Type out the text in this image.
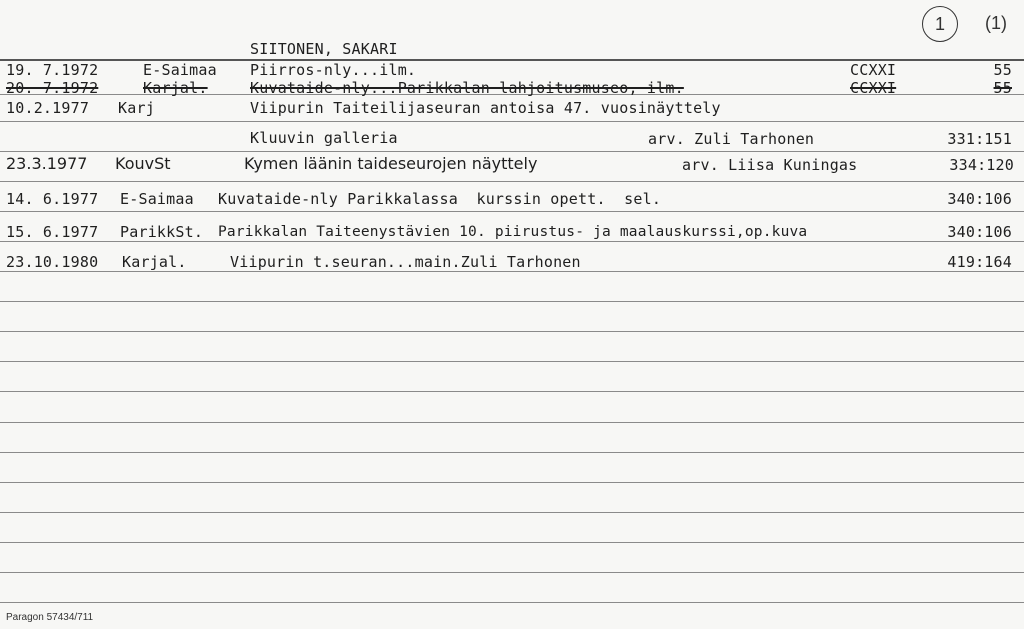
SIITONEN, SAKARI
1	(1)
19. 7.1972	E-Saimaa Piirros-nly...ilm.	CCXXI	55
20. 7.1972	Karjal.	Kuvataide-nly...Parikkalan lahjoitusmuseo, ilm.	CCXXI	55
10.2.1977 Karj	Viipurin Taiteilijaseuran antoisa 47. vuosinäyttely
Kluuvin galleria	arv. Zuli Tarhonen	331:151
23.3.1977 KouvSt	Kymen läänin taideseurojen näyttely	arv. Liisa Kuningas	334:120
14. 6.1977 E-Saimaa Kuvataide-nly Parikkalassa  kurssin opett.  sel.	340:106
15. 6.1977 ParikkSt. Parikkalan Taiteenystävien 10. piirustus- ja maalauskurssi,op.kuva	340:106
23.10.1980 Karjal.	Viipurin t.seuran...main.Zuli Tarhonen	419:164
Paragon 57434/711
